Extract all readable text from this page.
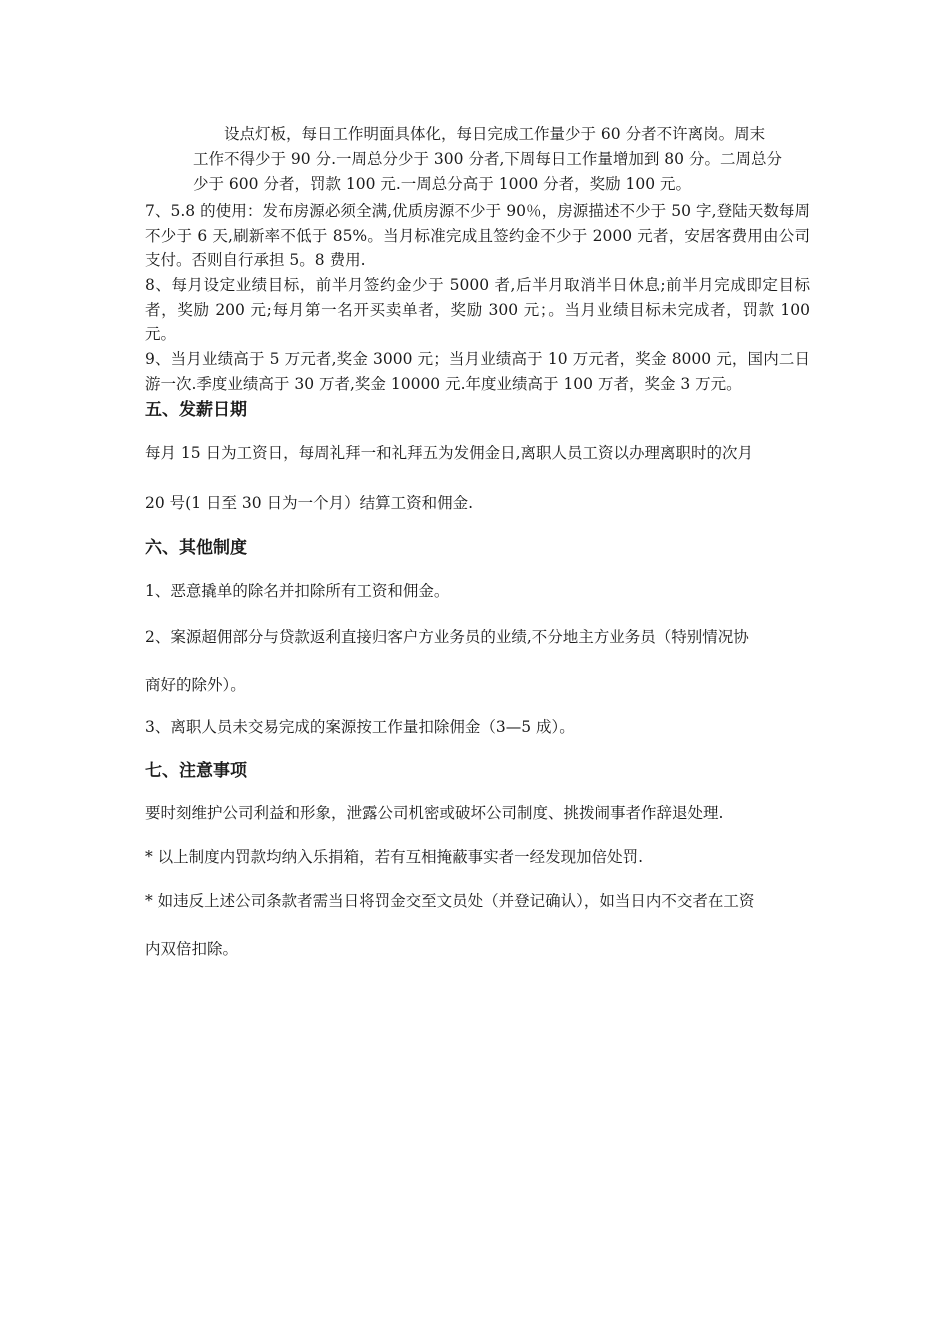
设点灯板，每日工作明面具体化，每日完成工作量少于 60 分者不许离岗。周末
工作不得少于 90 分.一周总分少于 300 分者,下周每日工作量增加到 80 分。二周总分
少于 600 分者，罚款 100 元.一周总分高于 1000 分者，奖励 100 元。
7、5.8 的使用：发布房源必须全满,优质房源不少于 90％，房源描述不少于 50 字,登陆天数每周不少于 6 天,刷新率不低于 85%。当月标准完成且签约金不少于 2000 元者，安居客费用由公司支付。否则自行承担 5。8 费用.
8、每月设定业绩目标，前半月签约金少于 5000 者,后半月取消半日休息;前半月完成即定目标者，奖励 200 元;每月第一名开买卖单者，奖励 300 元；。当月业绩目标未完成者，罚款 100 元。
9、当月业绩高于 5 万元者,奖金 3000 元；当月业绩高于 10 万元者，奖金 8000 元，国内二日游一次.季度业绩高于 30 万者,奖金 10000 元.年度业绩高于 100 万者，奖金 3 万元。
五、发薪日期
每月 15 日为工资日，每周礼拜一和礼拜五为发佣金日,离职人员工资以办理离职时的次月
20 号(1 日至 30 日为一个月）结算工资和佣金.
六、其他制度
1、恶意撬单的除名并扣除所有工资和佣金。
2、案源超佣部分与贷款返利直接归客户方业务员的业绩,不分地主方业务员（特别情况协
商好的除外）。
3、离职人员未交易完成的案源按工作量扣除佣金（3—5 成）。
七、注意事项
要时刻维护公司利益和形象，泄露公司机密或破坏公司制度、挑拨闹事者作辞退处理.
* 以上制度内罚款均纳入乐捐箱，若有互相掩蔽事实者一经发现加倍处罚.
* 如违反上述公司条款者需当日将罚金交至文员处（并登记确认），如当日内不交者在工资
内双倍扣除。
